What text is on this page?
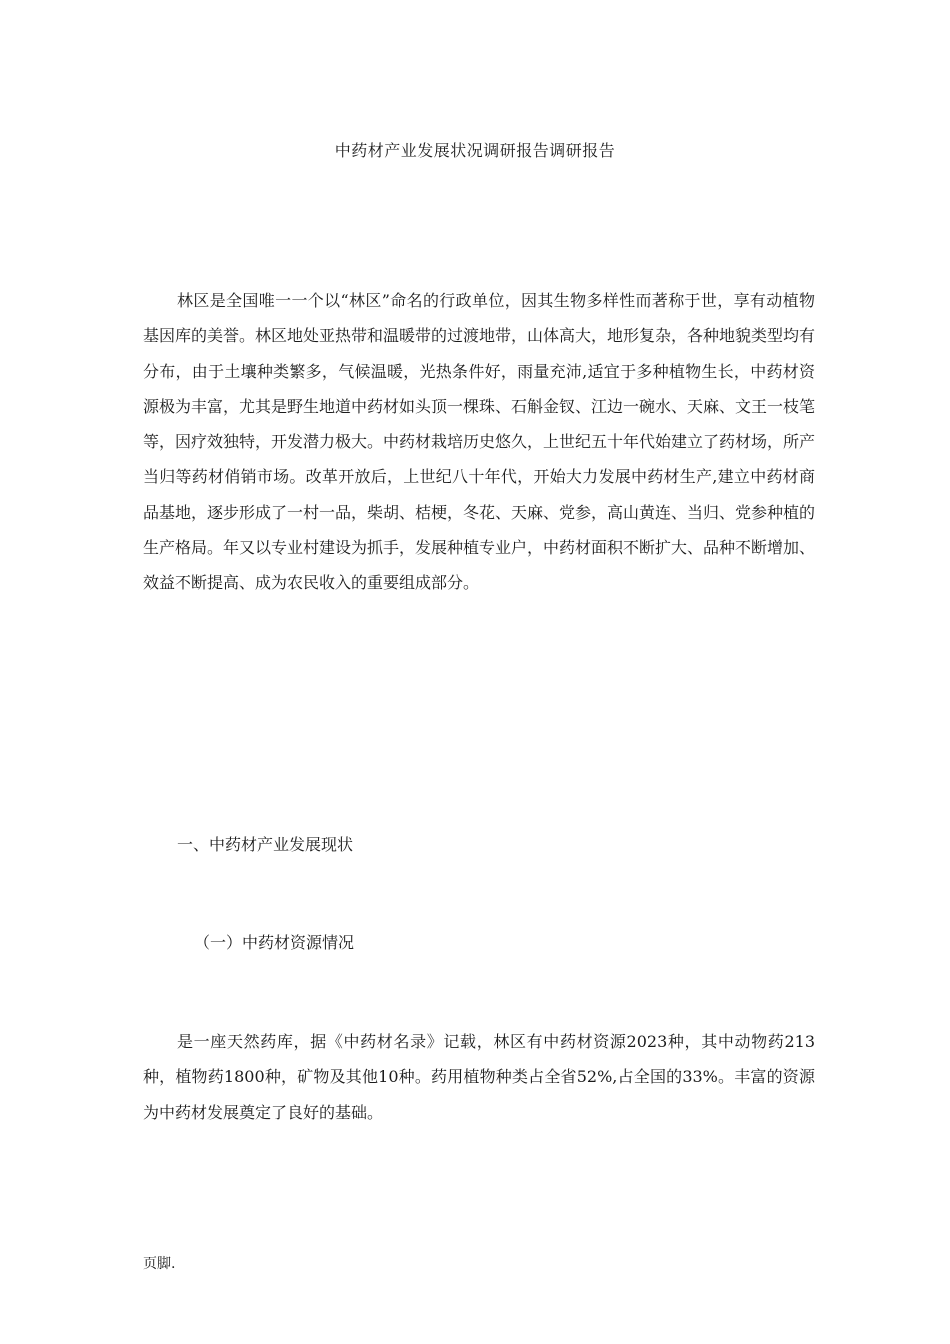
中药材产业发展状况调研报告调研报告

林区是全国唯一一个以“林区”命名的行政单位，因其生物多样性而著称于世，享有动植物基因库的美誉。林区地处亚热带和温暖带的过渡地带，山体高大，地形复杂，各种地貌类型均有分布，由于土壤种类繁多，气候温暖，光热条件好，雨量充沛,适宜于多种植物生长，中药材资源极为丰富，尤其是野生地道中药材如头顶一棵珠、石斛金钗、江边一碗水、天麻、文王一枝笔等，因疗效独特，开发潜力极大。中药材栽培历史悠久，上世纪五十年代始建立了药材场，所产当归等药材俏销市场。改革开放后，上世纪八十年代，开始大力发展中药材生产,建立中药材商品基地，逐步形成了一村一品，柴胡、桔梗，冬花、天麻、党参，高山黄连、当归、党参种植的生产格局。年又以专业村建设为抓手，发展种植专业户，中药材面积不断扩大、品种不断增加、效益不断提高、成为农民收入的重要组成部分。

一、中药材产业发展现状
（一）中药材资源情况

是一座天然药库，据《中药材名录》记载，林区有中药材资源2023种，其中动物药213种，植物药1800种，矿物及其他10种。药用植物种类占全省52%,占全国的33%。丰富的资源为中药材发展奠定了良好的基础。

页脚.
